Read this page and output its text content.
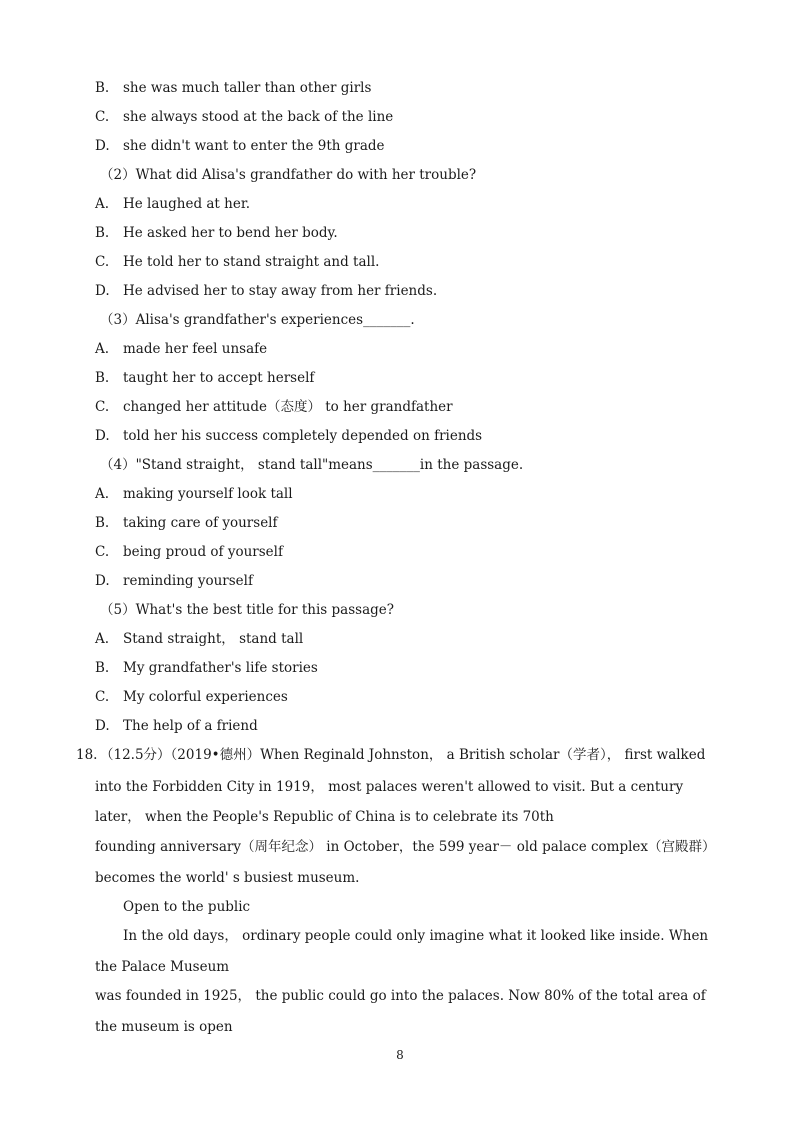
B. she was much taller than other girls
C. she always stood at the back of the line
D. she didn't want to enter the 9th grade
（2）What did Alisa's grandfather do with her trouble?
A. He laughed at her.
B. He asked her to bend her body.
C. He told her to stand straight and tall.
D. He advised her to stay away from her friends.
（3）Alisa's grandfather's experiences_______.
A. made her feel unsafe
B. taught her to accept herself
C. changed her attitude（态度） to her grandfather
D. told her his success completely depended on friends
（4）"Stand straight， stand tall"means_______in the passage.
A. making yourself look tall
B. taking care of yourself
C. being proud of yourself
D. reminding yourself
（5）What's the best title for this passage?
A. Stand straight， stand tall
B. My grandfather's life stories
C. My colorful experiences
D. The help of a friend
18. （12.5分）（2019•德州）When Reginald Johnston， a British scholar（学者）， first walked
into the Forbidden City in 1919， most palaces weren't allowed to visit. But a century
later， when the People's Republic of China is to celebrate its 70th
founding anniversary（周年纪念） in October，the 599 year－ old palace complex（宫殿群）
becomes the world' s busiest museum.
Open to the public
In the old days， ordinary people could only imagine what it looked like inside. When
the Palace Museum
was founded in 1925， the public could go into the palaces. Now 80% of the total area of
the museum is open
8
